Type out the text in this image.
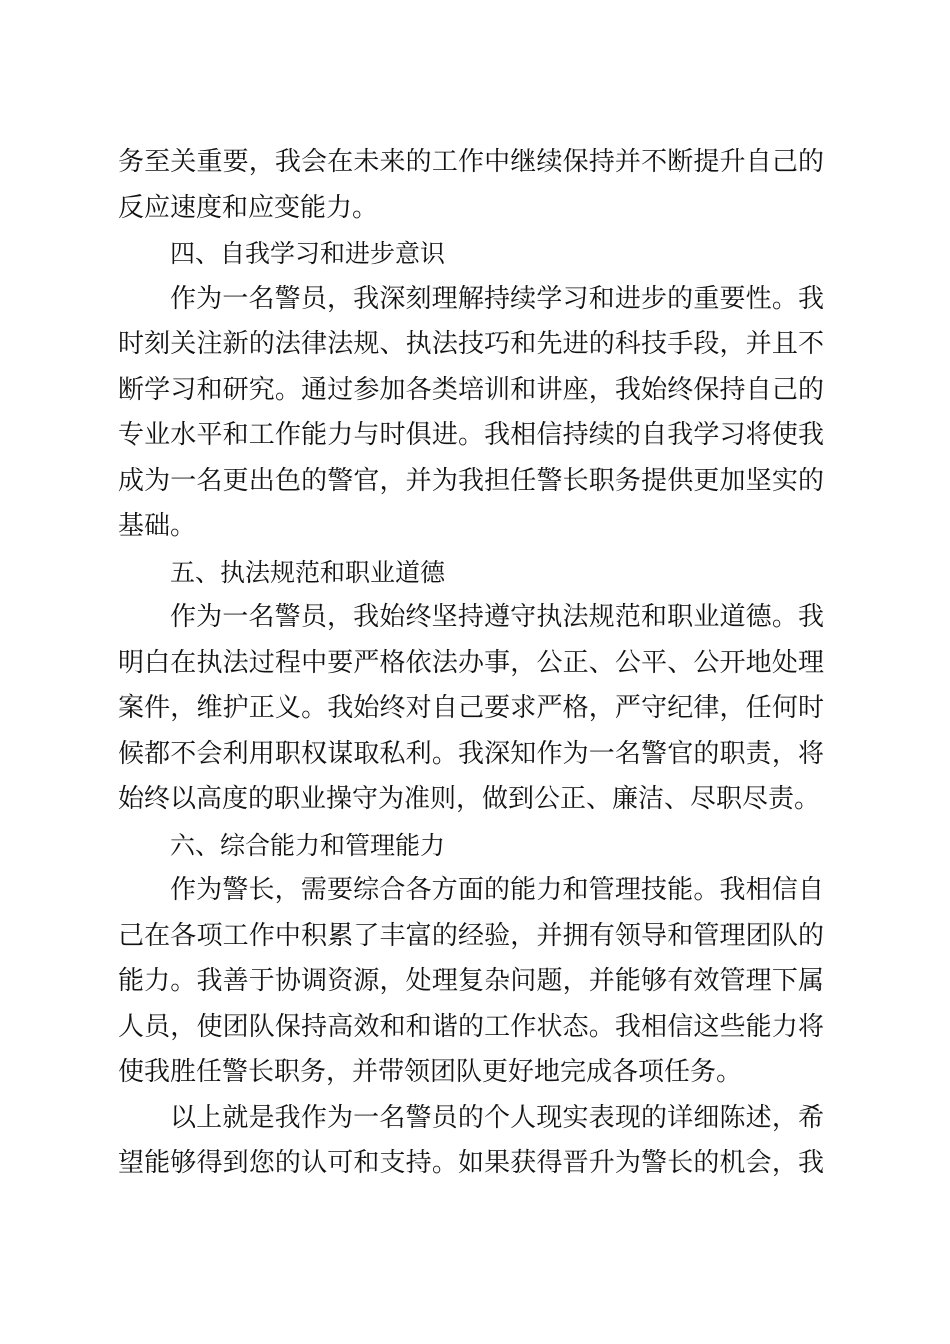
务至关重要，我会在未来的工作中继续保持并不断提升自己的
反应速度和应变能力。
四、自我学习和进步意识
作为一名警员，我深刻理解持续学习和进步的重要性。我
时刻关注新的法律法规、执法技巧和先进的科技手段，并且不
断学习和研究。通过参加各类培训和讲座，我始终保持自己的
专业水平和工作能力与时俱进。我相信持续的自我学习将使我
成为一名更出色的警官，并为我担任警长职务提供更加坚实的
基础。
五、执法规范和职业道德
作为一名警员，我始终坚持遵守执法规范和职业道德。我
明白在执法过程中要严格依法办事，公正、公平、公开地处理
案件，维护正义。我始终对自己要求严格，严守纪律，任何时
候都不会利用职权谋取私利。我深知作为一名警官的职责，将
始终以高度的职业操守为准则，做到公正、廉洁、尽职尽责。
六、综合能力和管理能力
作为警长，需要综合各方面的能力和管理技能。我相信自
己在各项工作中积累了丰富的经验，并拥有领导和管理团队的
能力。我善于协调资源，处理复杂问题，并能够有效管理下属
人员，使团队保持高效和和谐的工作状态。我相信这些能力将
使我胜任警长职务，并带领团队更好地完成各项任务。
以上就是我作为一名警员的个人现实表现的详细陈述，希
望能够得到您的认可和支持。如果获得晋升为警长的机会，我
